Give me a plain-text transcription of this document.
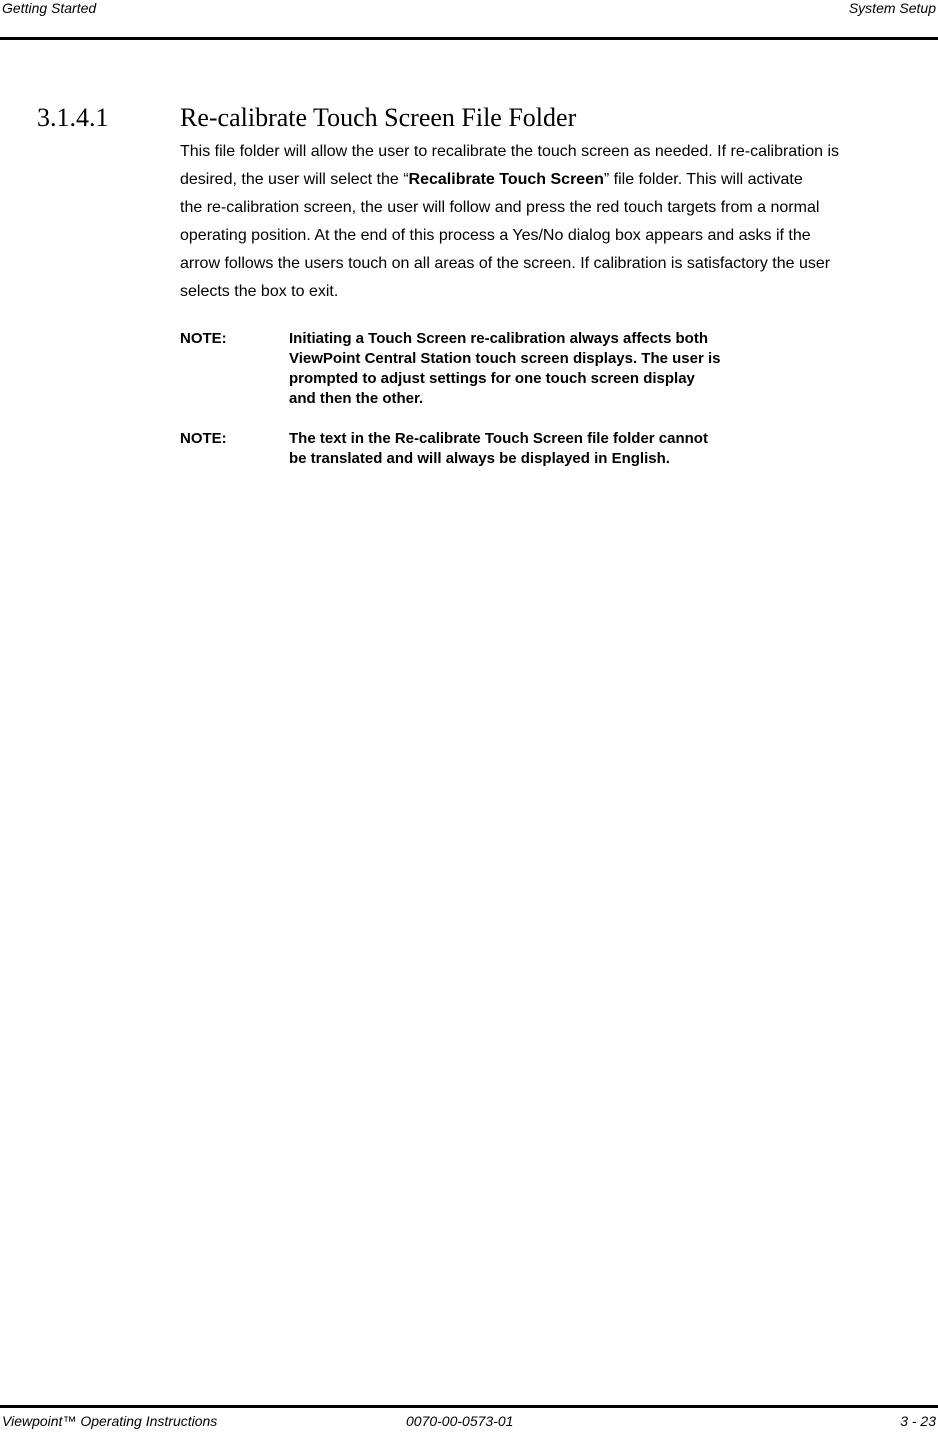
Getting Started	System Setup
3.1.4.1	Re-calibrate Touch Screen File Folder
This file folder will allow the user to recalibrate the touch screen as needed. If re-calibration is
desired, the user will select the “Recalibrate Touch Screen” file folder. This will activate
the re-calibration screen, the user will follow and press the red touch targets from a normal
operating position. At the end of this process a Yes/No dialog box appears and asks if the
arrow follows the users touch on all areas of the screen. If calibration is satisfactory the user
selects the box to exit.
NOTE:	Initiating a Touch Screen re-calibration always affects both
ViewPoint Central Station touch screen displays. The user is
prompted to adjust settings for one touch screen display
and then the other.
NOTE:	The text in the Re-calibrate Touch Screen file folder cannot
be translated and will always be displayed in English.
Viewpoint™ Operating Instructions	0070-00-0573-01	3 - 23
